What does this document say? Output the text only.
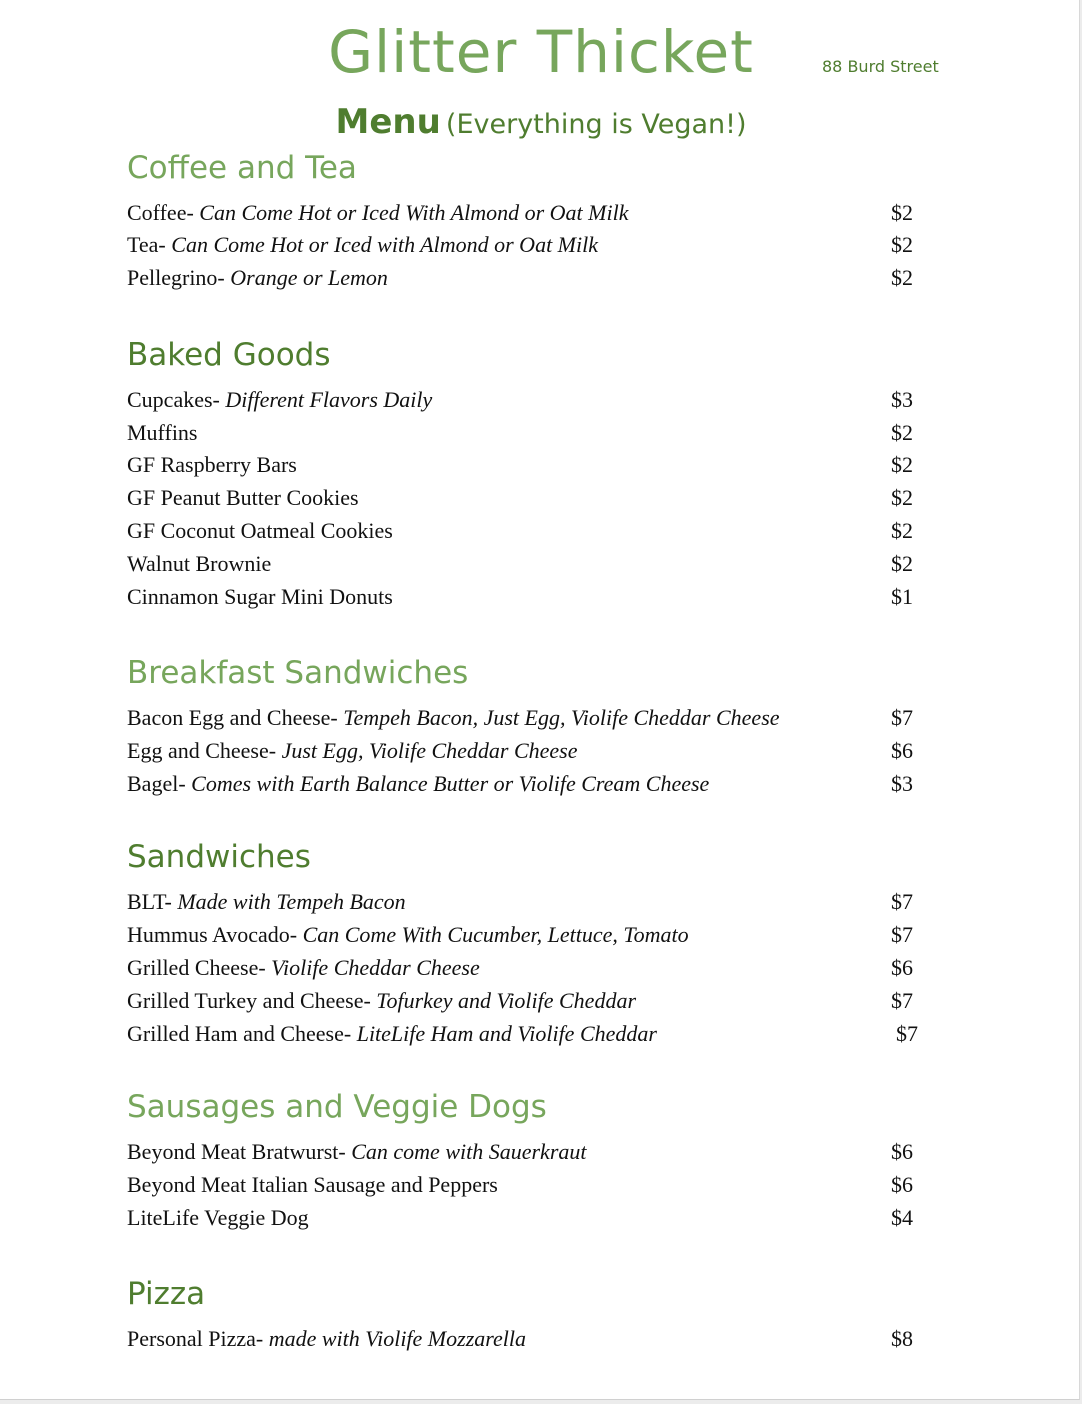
Glitter Thicket	88 Burd Street
Menu (Everything is Vegan!)
Coffee and Tea
Coffee- Can Come Hot or Iced With Almond or Oat Milk	$2
Tea- Can Come Hot or Iced with Almond or Oat Milk	$2
Pellegrino- Orange or Lemon	$2
Baked Goods
Cupcakes- Different Flavors Daily	$3
Muffins	$2
GF Raspberry Bars	$2
GF Peanut Butter Cookies	$2
GF Coconut Oatmeal Cookies	$2
Walnut Brownie	$2
Cinnamon Sugar Mini Donuts	$1
Breakfast Sandwiches
Bacon Egg and Cheese- Tempeh Bacon, Just Egg, Violife Cheddar Cheese	$7
Egg and Cheese- Just Egg, Violife Cheddar Cheese	$6
Bagel- Comes with Earth Balance Butter or Violife Cream Cheese	$3
Sandwiches
BLT- Made with Tempeh Bacon	$7
Hummus Avocado- Can Come With Cucumber, Lettuce, Tomato	$7
Grilled Cheese- Violife Cheddar Cheese	$6
Grilled Turkey and Cheese- Tofurkey and Violife Cheddar	$7
Grilled Ham and Cheese- LiteLife Ham and Violife Cheddar	$7
Sausages and Veggie Dogs
Beyond Meat Bratwurst- Can come with Sauerkraut	$6
Beyond Meat Italian Sausage and Peppers	$6
LiteLife Veggie Dog	$4
Pizza
Personal Pizza- made with Violife Mozzarella	$8
